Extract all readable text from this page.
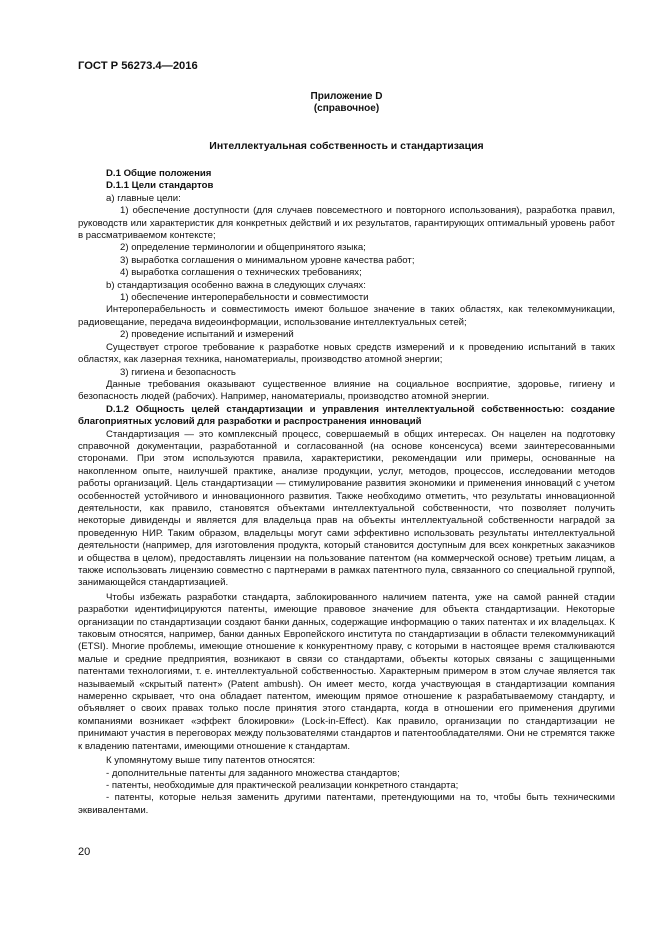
ГОСТ Р 56273.4—2016
Приложение D
(справочное)
Интеллектуальная собственность и стандартизация

D.1 Общие положения

D.1.1 Цели стандартов

a) главные цели:

1) обеспечение доступности (для случаев повсеместного и повторного использования), разработка правил, руководств или характеристик для конкретных действий и их результатов, гарантирующих оптимальный уровень работ в рассматриваемом контексте;

2) определение терминологии и общепринятого языка;

3) выработка соглашения о минимальном уровне качества работ;

4) выработка соглашения о технических требованиях;

b) стандартизация особенно важна в следующих случаях:

1) обеспечение интероперабельности и совместимости

Интероперабельность и совместимость имеют большое значение в таких областях, как телекоммуникации, радиовещание, передача видеоинформации, использование интеллектуальных сетей;

2) проведение испытаний и измерений

Существует строгое требование к разработке новых средств измерений и к проведению испытаний в таких областях, как лазерная техника, наноматериалы, производство атомной энергии;

3) гигиена и безопасность

Данные требования оказывают существенное влияние на социальное восприятие, здоровье, гигиену и безопасность людей (рабочих). Например, наноматериалы, производство атомной энергии.

D.1.2 Общность целей стандартизации и управления интеллектуальной собственностью: создание благоприятных условий для разработки и распространения инноваций

Стандартизация — это комплексный процесс, совершаемый в общих интересах. Он нацелен на подготовку справочной документации, разработанной и согласованной (на основе консенсуса) всеми заинтересованными сторонами. При этом используются правила, характеристики, рекомендации или примеры, основанные на накопленном опыте, наилучшей практике, анализе продукции, услуг, методов, процессов, исследовании методов работы организаций. Цель стандартизации — стимулирование развития экономики и применения инноваций с учетом особенностей устойчивого и инновационного развития. Также необходимо отметить, что результаты инновационной деятельности, как правило, становятся объектами интеллектуальной собственности, что позволяет получить некоторые дивиденды и является для владельца прав на объекты интеллектуальной собственности наградой за проведенную НИР. Таким образом, владельцы могут сами эффективно использовать результаты интеллектуальной деятельности (например, для изготовления продукта, который становится доступным для всех конкретных заказчиков и общества в целом), предоставлять лицензии на пользование патентом (на коммерческой основе) третьим лицам, а также использовать лицензию совместно с партнерами в рамках патентного пула, связанного со специальной группой, занимающейся стандартизацией.

Чтобы избежать разработки стандарта, заблокированного наличием патента, уже на самой ранней стадии разработки идентифицируются патенты, имеющие правовое значение для объекта стандартизации. Некоторые организации по стандартизации создают банки данных, содержащие информацию о таких патентах и их владельцах. К таковым относятся, например, банки данных Европейского института по стандартизации в области телекоммуникаций (ETSI). Многие проблемы, имеющие отношение к конкурентному праву, с которыми в настоящее время сталкиваются малые и средние предприятия, возникают в связи со стандартами, объекты которых связаны с защищенными патентами технологиями, т. е. интеллектуальной собственностью. Характерным примером в этом случае является так называемый «скрытый патент» (Patent ambush). Он имеет место, когда участвующая в стандартизации компания намеренно скрывает, что она обладает патентом, имеющим прямое отношение к разрабатываемому стандарту, и объявляет о своих правах только после принятия этого стандарта, когда в отношении его применения другими компаниями возникает «эффект блокировки» (Lock-in-Effect). Как правило, организации по стандартизации не принимают участия в переговорах между пользователями стандартов и патентообладателями. Они не стремятся также к владению патентами, имеющими отношение к стандартам.

К упомянутому выше типу патентов относятся:

- дополнительные патенты для заданного множества стандартов;

- патенты, необходимые для практической реализации конкретного стандарта;

- патенты, которые нельзя заменить другими патентами, претендующими на то, чтобы быть техническими эквивалентами.

20
